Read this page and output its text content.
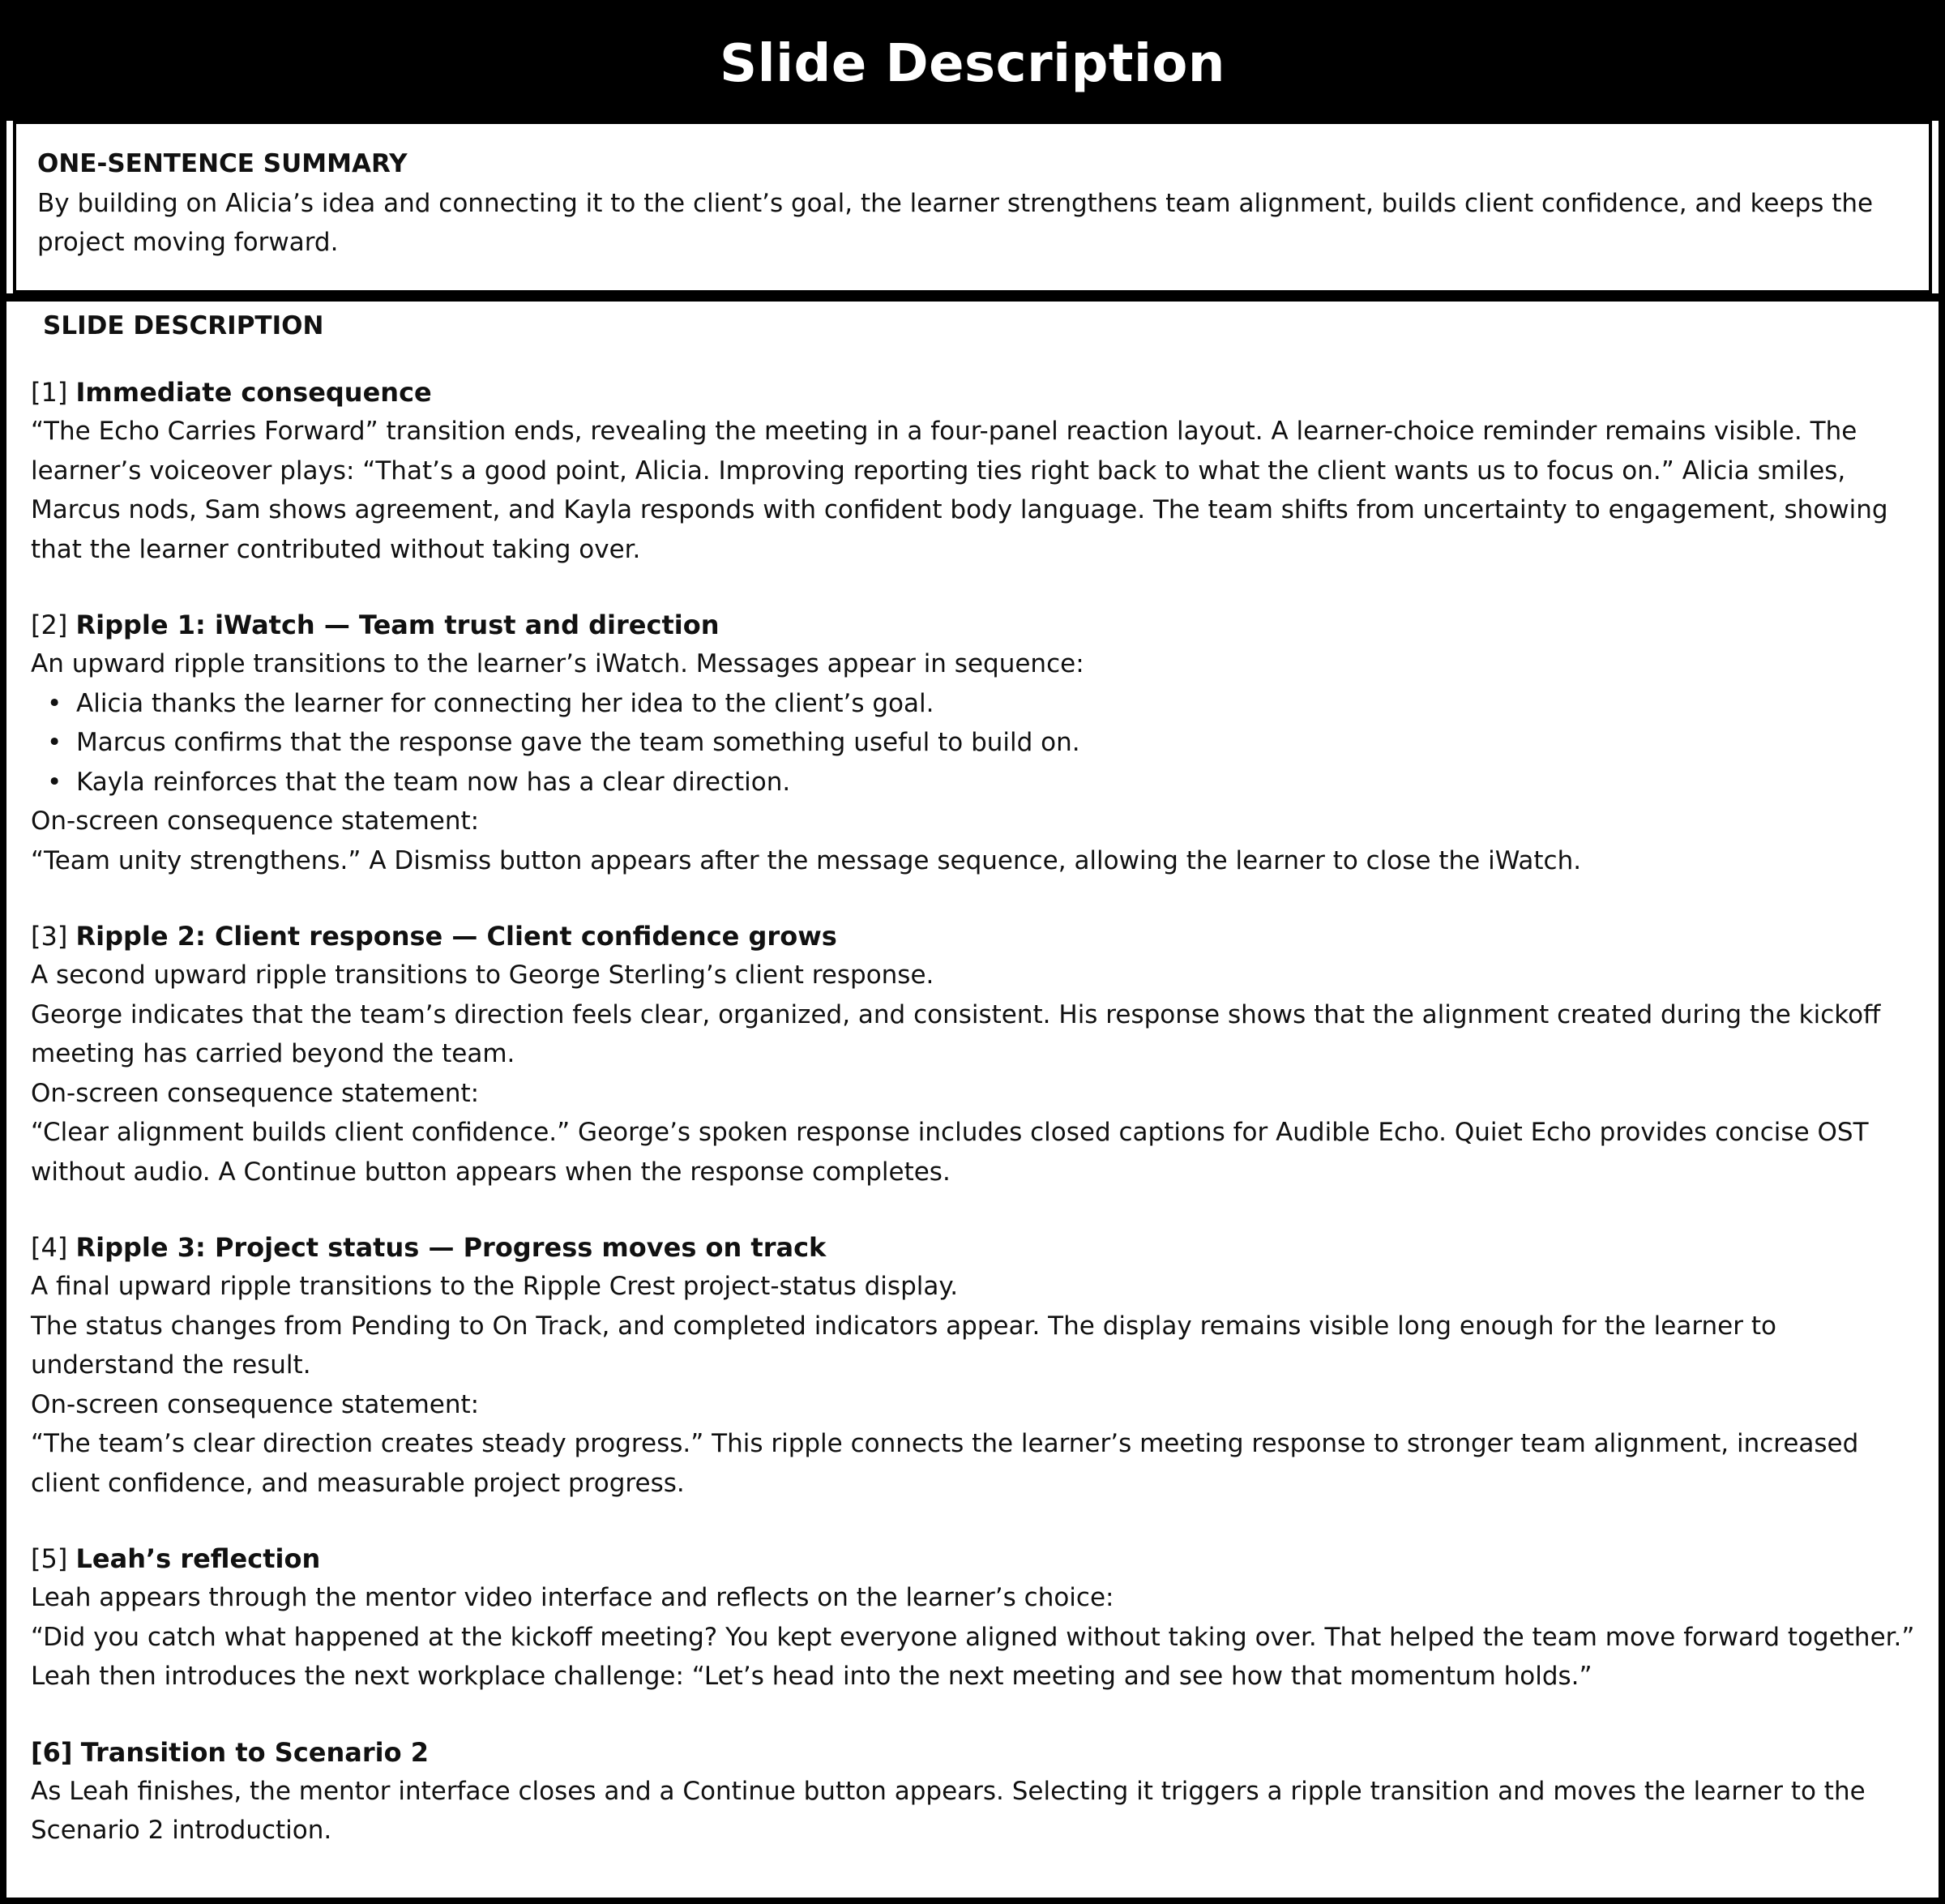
Slide Description

ONE-SENTENCE SUMMARY

By building on Alicia’s idea and connecting it to the client’s goal, the learner strengthens team alignment, builds client confidence, and keeps the project moving forward.

SLIDE DESCRIPTION

[1] Immediate consequence

“The Echo Carries Forward” transition ends, revealing the meeting in a four-panel reaction layout. A learner-choice reminder remains visible. The learner’s voiceover plays: “That’s a good point, Alicia. Improving reporting ties right back to what the client wants us to focus on.” Alicia smiles, Marcus nods, Sam shows agreement, and Kayla responds with confident body language. The team shifts from uncertainty to engagement, showing that the learner contributed without taking over.

[2] Ripple 1: iWatch — Team trust and direction

An upward ripple transitions to the learner’s iWatch. Messages appear in sequence:

• Alicia thanks the learner for connecting her idea to the client’s goal.
• Marcus confirms that the response gave the team something useful to build on.
• Kayla reinforces that the team now has a clear direction.

On-screen consequence statement:

“Team unity strengthens.” A Dismiss button appears after the message sequence, allowing the learner to close the iWatch.

[3] Ripple 2: Client response — Client confidence grows

A second upward ripple transitions to George Sterling’s client response.

George indicates that the team’s direction feels clear, organized, and consistent. His response shows that the alignment created during the kickoff meeting has carried beyond the team.

On-screen consequence statement:

“Clear alignment builds client confidence.” George’s spoken response includes closed captions for Audible Echo. Quiet Echo provides concise OST without audio. A Continue button appears when the response completes.

[4] Ripple 3: Project status — Progress moves on track

A final upward ripple transitions to the Ripple Crest project-status display.

The status changes from Pending to On Track, and completed indicators appear. The display remains visible long enough for the learner to understand the result.

On-screen consequence statement:

“The team’s clear direction creates steady progress.” This ripple connects the learner’s meeting response to stronger team alignment, increased client confidence, and measurable project progress.

[5] Leah’s reflection

Leah appears through the mentor video interface and reflects on the learner’s choice:

“Did you catch what happened at the kickoff meeting? You kept everyone aligned without taking over. That helped the team move forward together.” Leah then introduces the next workplace challenge: “Let’s head into the next meeting and see how that momentum holds.”

[6] Transition to Scenario 2

As Leah finishes, the mentor interface closes and a Continue button appears. Selecting it triggers a ripple transition and moves the learner to the Scenario 2 introduction.
